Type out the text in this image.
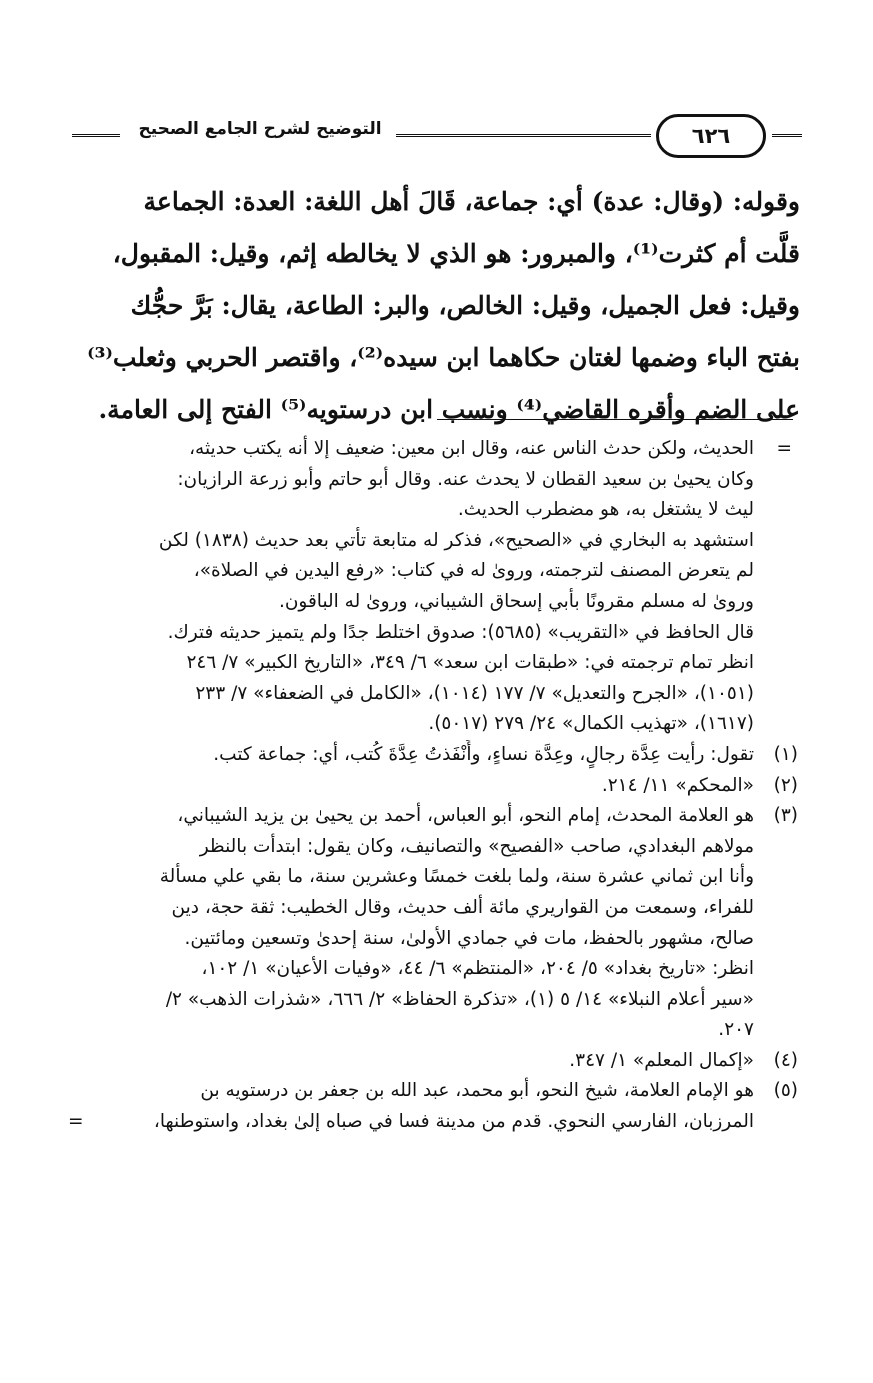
التوضيح لشرح الجامع الصحيح	٦٢٦
وقوله: (وقال: عدة) أي: جماعة، قَالَ أهل اللغة: العدة: الجماعة
قلَّت أم كثرت⁽¹⁾، والمبرور: هو الذي لا يخالطه إثم، وقيل: المقبول،
وقيل: فعل الجميل، وقيل: الخالص، والبر: الطاعة، يقال: بَرَّ حجُّك
بفتح الباء وضمها لغتان حكاهما ابن سيده⁽²⁾، واقتصر الحربي وثعلب⁽³⁾
على الضم وأقره القاضي⁽⁴⁾ ونسب ابن درستويه⁽⁵⁾ الفتح إلى العامة.
=
الحديث، ولكن حدث الناس عنه، وقال ابن معين: ضعيف إلا أنه يكتب حديثه،
وكان يحيىٰ بن سعيد القطان لا يحدث عنه. وقال أبو حاتم وأبو زرعة الرازيان:
ليث لا يشتغل به، هو مضطرب الحديث.
استشهد به البخاري في «الصحيح»، فذكر له متابعة تأتي بعد حديث (١٨٣٨) لكن
لم يتعرض المصنف لترجمته، وروىٰ له في كتاب: «رفع اليدين في الصلاة»،
وروىٰ له مسلم مقرونًا بأبي إسحاق الشيباني، وروىٰ له الباقون.
قال الحافظ في «التقريب» (٥٦٨٥): صدوق اختلط جدًا ولم يتميز حديثه فترك.
انظر تمام ترجمته في: «طبقات ابن سعد» ٦/ ٣٤٩، «التاريخ الكبير» ٧/ ٢٤٦
(١٠٥١)، «الجرح والتعديل» ٧/ ١٧٧ (١٠١٤)، «الكامل في الضعفاء» ٧/ ٢٣٣
(١٦١٧)، «تهذيب الكمال» ٢٤/ ٢٧٩ (٥٠١٧).
(١)
تقول: رأيت عِدَّة رجالٍ، وعِدَّة نساءٍ، وأَنْفَذتُ عِدَّةَ كُتب، أي: جماعة كتب.
(٢)
«المحكم» ١١/ ٢١٤.
(٣)
هو العلامة المحدث، إمام النحو، أبو العباس، أحمد بن يحيىٰ بن يزيد الشيباني،
مولاهم البغدادي، صاحب «الفصيح» والتصانيف، وكان يقول: ابتدأت بالنظر
وأنا ابن ثماني عشرة سنة، ولما بلغت خمسًا وعشرين سنة، ما بقي علي مسألة
للفراء، وسمعت من القواريري مائة ألف حديث، وقال الخطيب: ثقة حجة، دين
صالح، مشهور بالحفظ، مات في جمادي الأولىٰ، سنة إحدىٰ وتسعين ومائتين.
انظر: «تاريخ بغداد» ٥/ ٢٠٤، «المنتظم» ٦/ ٤٤، «وفيات الأعيان» ١/ ١٠٢،
«سير أعلام النبلاء» ١٤/ ٥ (١)، «تذكرة الحفاظ» ٢/ ٦٦٦، «شذرات الذهب» ٢/
٢٠٧.
(٤)
«إكمال المعلم» ١/ ٣٤٧.
(٥)
هو الإمام العلامة، شيخ النحو، أبو محمد، عبد الله بن جعفر بن درستويه بن
المرزبان، الفارسي النحوي. قدم من مدينة فسا في صباه إلىٰ بغداد، واستوطنها،
=
